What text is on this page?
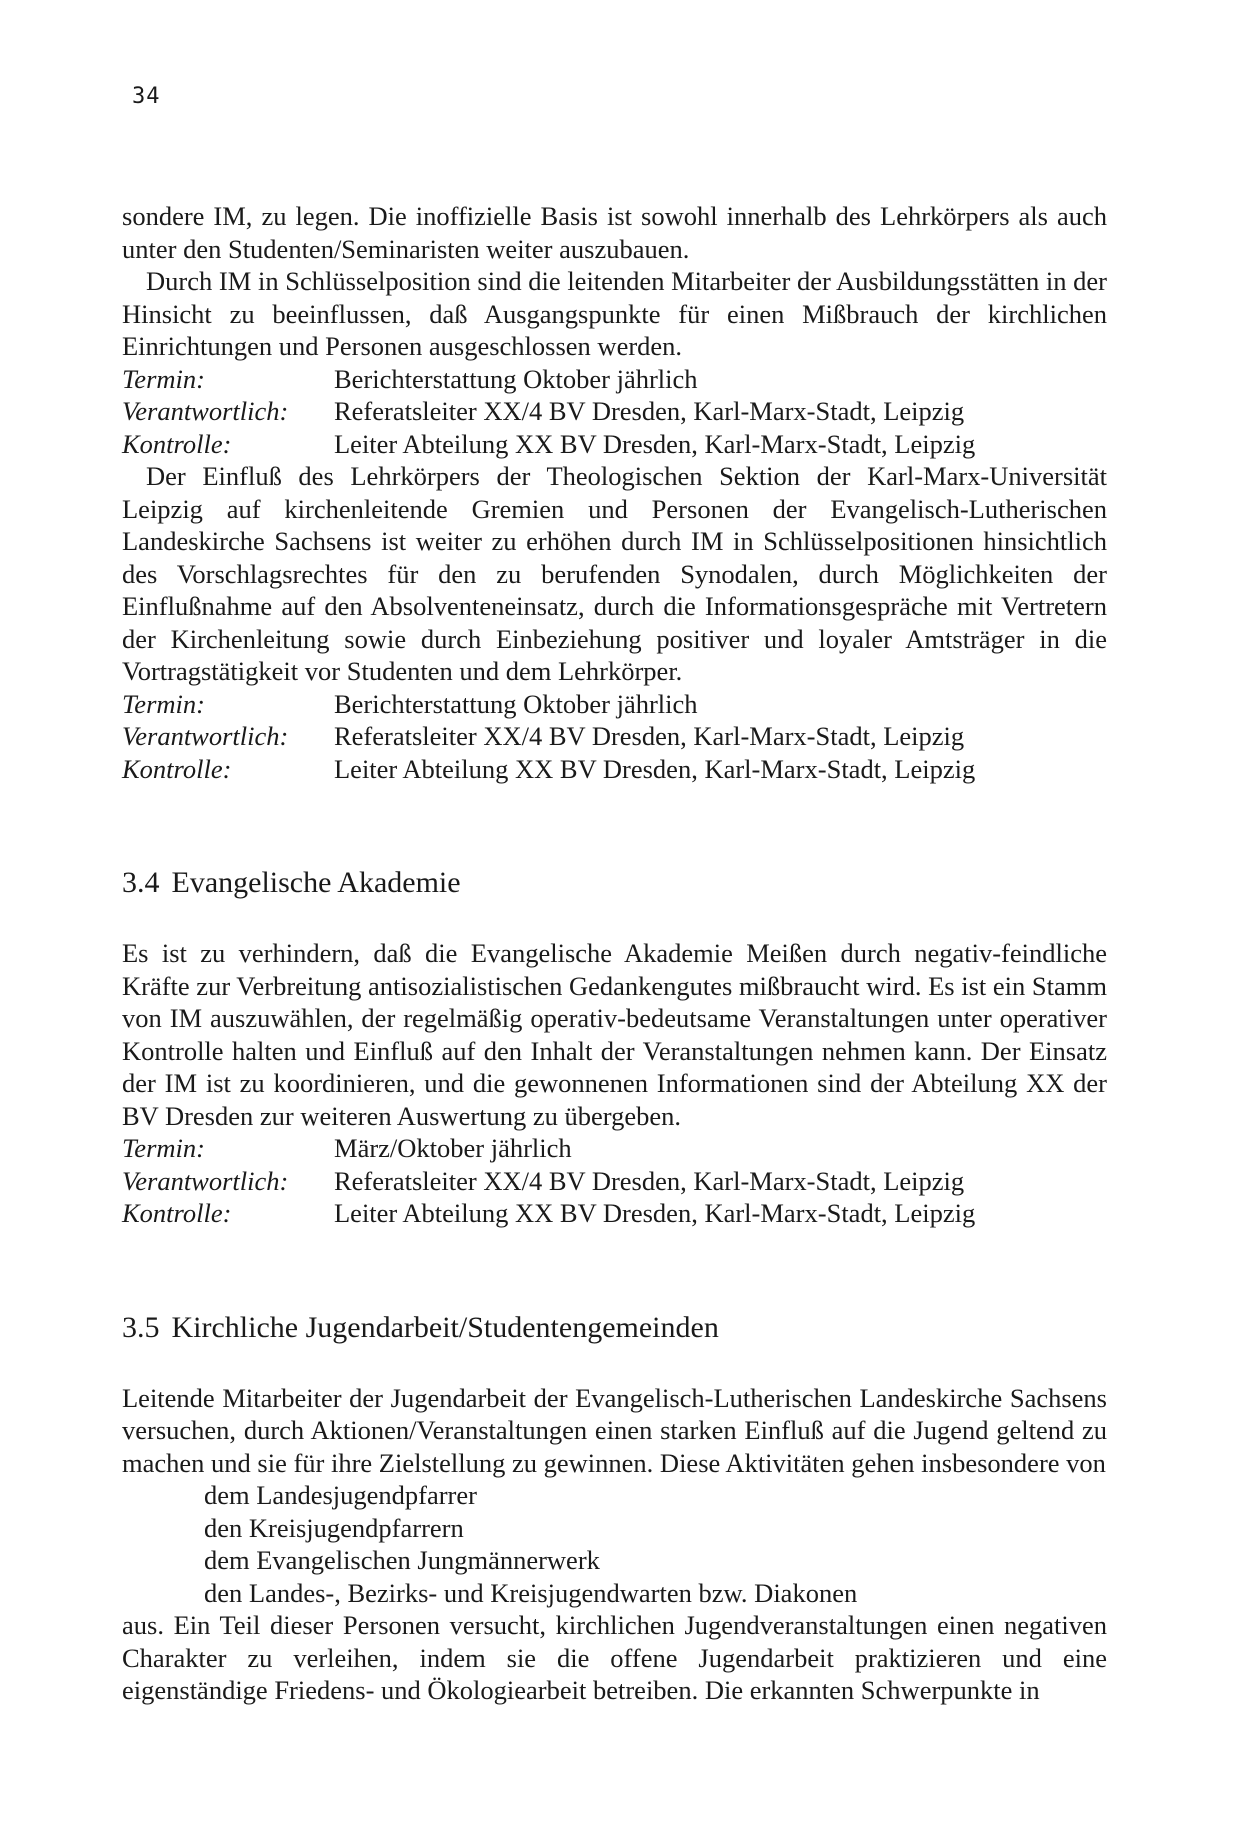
34

sondere IM, zu legen. Die inoffizielle Basis ist sowohl innerhalb des Lehrkörpers als auch unter den Studenten/Seminaristen weiter auszubauen.

Durch IM in Schlüsselposition sind die leitenden Mitarbeiter der Ausbildungsstätten in der Hinsicht zu beeinflussen, daß Ausgangspunkte für einen Mißbrauch der kirchlichen Einrichtungen und Personen ausgeschlossen werden.

Termin:	Berichterstattung Oktober jährlich
Verantwortlich:	Referatsleiter XX/4 BV Dresden, Karl-Marx-Stadt, Leipzig
Kontrolle:	Leiter Abteilung XX BV Dresden, Karl-Marx-Stadt, Leipzig

Der Einfluß des Lehrkörpers der Theologischen Sektion der Karl-Marx-Universität Leipzig auf kirchenleitende Gremien und Personen der Evangelisch-Lutherischen Landeskirche Sachsens ist weiter zu erhöhen durch IM in Schlüsselpositionen hinsichtlich des Vorschlagsrechtes für den zu berufenden Synodalen, durch Möglichkeiten der Einflußnahme auf den Absolventeneinsatz, durch die Informationsgespräche mit Vertretern der Kirchenleitung sowie durch Einbeziehung positiver und loyaler Amtsträger in die Vortragstätigkeit vor Studenten und dem Lehrkörper.

Termin:	Berichterstattung Oktober jährlich
Verantwortlich:	Referatsleiter XX/4 BV Dresden, Karl-Marx-Stadt, Leipzig
Kontrolle:	Leiter Abteilung XX BV Dresden, Karl-Marx-Stadt, Leipzig
3.4 Evangelische Akademie

Es ist zu verhindern, daß die Evangelische Akademie Meißen durch negativ-feindliche Kräfte zur Verbreitung antisozialistischen Gedankengutes mißbraucht wird. Es ist ein Stamm von IM auszuwählen, der regelmäßig operativ-bedeutsame Veranstaltungen unter operativer Kontrolle halten und Einfluß auf den Inhalt der Veranstaltungen nehmen kann. Der Einsatz der IM ist zu koordinieren, und die gewonnenen Informationen sind der Abteilung XX der BV Dresden zur weiteren Auswertung zu übergeben.

Termin:	März/Oktober jährlich
Verantwortlich:	Referatsleiter XX/4 BV Dresden, Karl-Marx-Stadt, Leipzig
Kontrolle:	Leiter Abteilung XX BV Dresden, Karl-Marx-Stadt, Leipzig
3.5 Kirchliche Jugendarbeit/Studentengemeinden

Leitende Mitarbeiter der Jugendarbeit der Evangelisch-Lutherischen Landeskirche Sachsens versuchen, durch Aktionen/Veranstaltungen einen starken Einfluß auf die Jugend geltend zu machen und sie für ihre Zielstellung zu gewinnen. Diese Aktivitäten gehen insbesondere von

dem Landesjugendpfarrer
den Kreisjugendpfarrern
dem Evangelischen Jungmännerwerk
den Landes-, Bezirks- und Kreisjugendwarten bzw. Diakonen

aus. Ein Teil dieser Personen versucht, kirchlichen Jugendveranstaltungen einen negativen Charakter zu verleihen, indem sie die offene Jugendarbeit praktizieren und eine eigenständige Friedens- und Ökologiearbeit betreiben. Die erkannten Schwerpunkte in
